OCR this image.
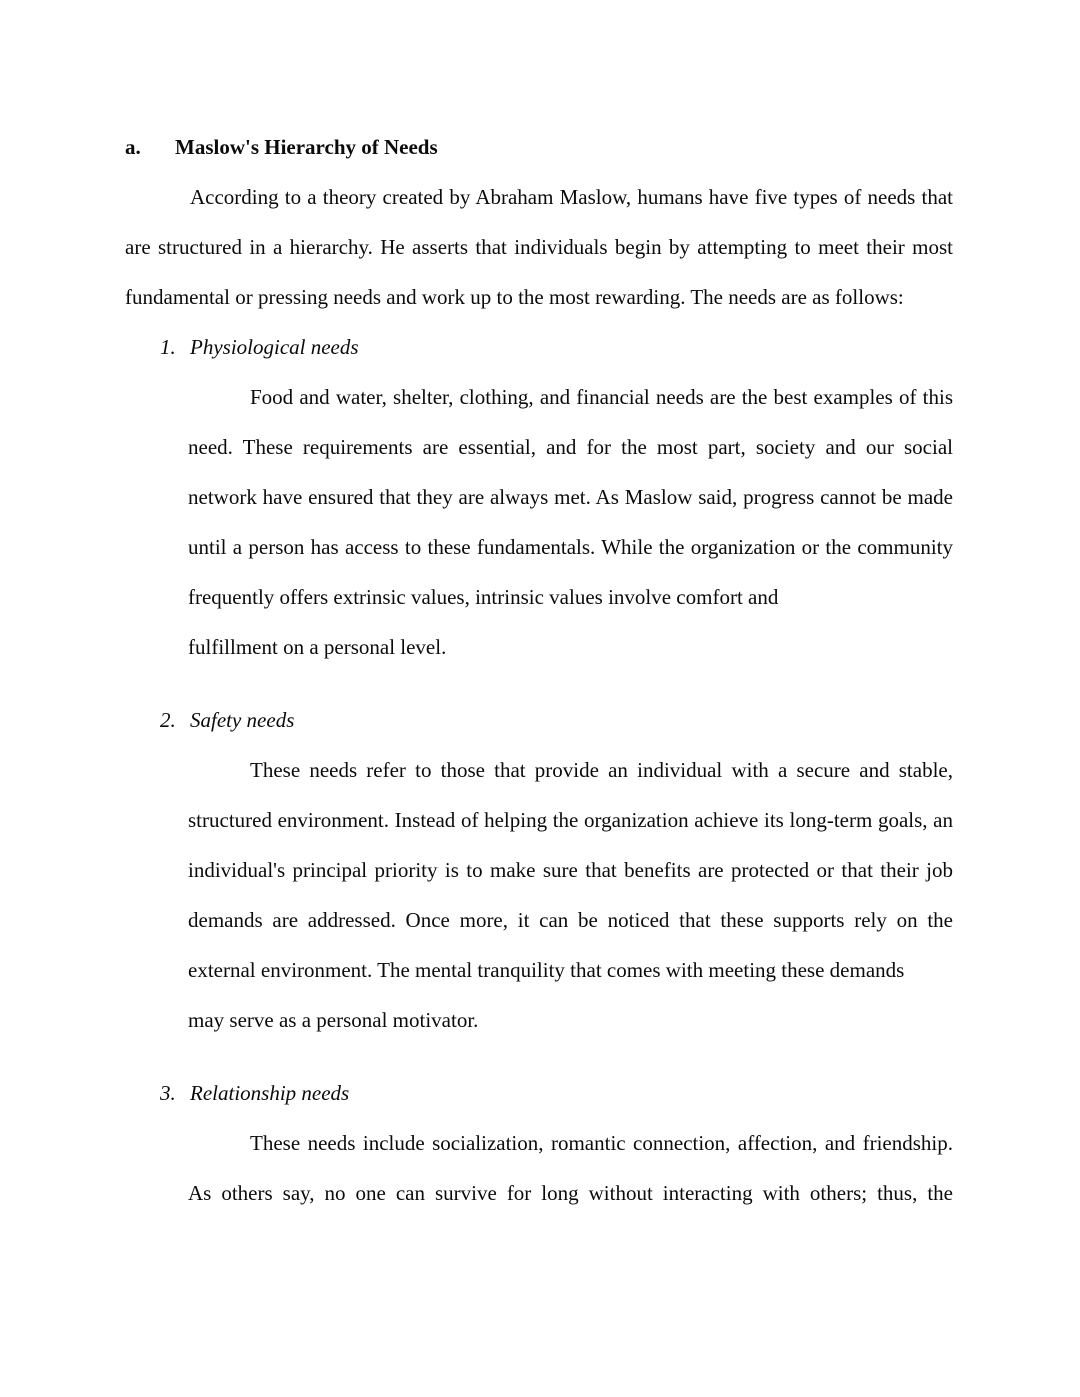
a.	Maslow's Hierarchy of Needs

According to a theory created by Abraham Maslow, humans have five types of needs that are structured in a hierarchy. He asserts that individuals begin by attempting to meet their most fundamental or pressing needs and work up to the most rewarding. The needs are as follows:

1. Physiological needs

Food and water, shelter, clothing, and financial needs are the best examples of this need. These requirements are essential, and for the most part, society and our social network have ensured that they are always met. As Maslow said, progress cannot be made until a person has access to these fundamentals. While the organization or the community frequently offers extrinsic values, intrinsic values involve comfort and

fulfillment on a personal level.
2. Safety needs

These needs refer to those that provide an individual with a secure and stable, structured environment. Instead of helping the organization achieve its long-term goals, an individual's principal priority is to make sure that benefits are protected or that their job demands are addressed. Once more, it can be noticed that these supports rely on the external environment. The mental tranquility that comes with meeting these demands

may serve as a personal motivator.
3. Relationship needs

These needs include socialization, romantic connection, affection, and friendship. As others say, no one can survive for long without interacting with others; thus, the
